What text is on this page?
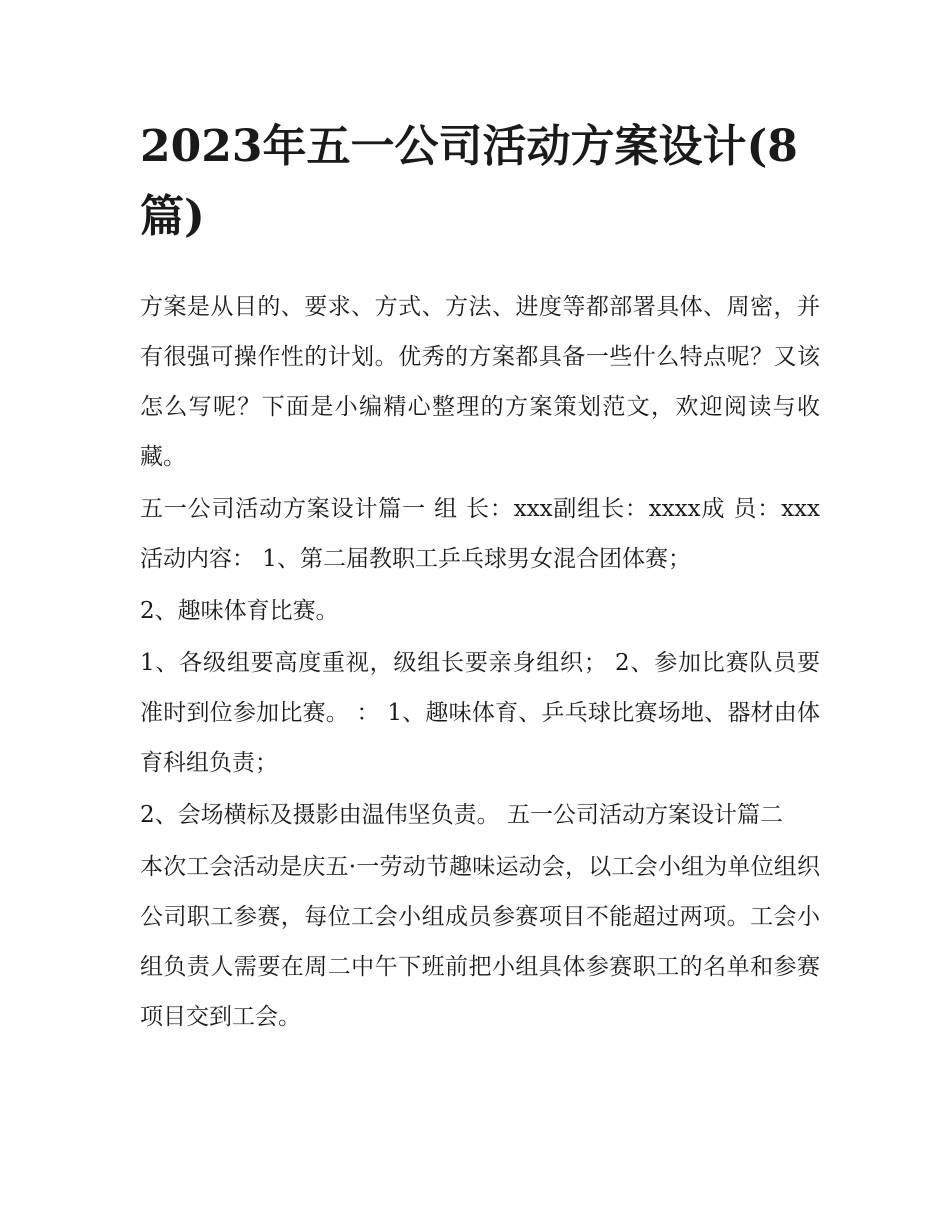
2023年五一公司活动方案设计(8篇)

方案是从目的、要求、方式、方法、进度等都部署具体、周密，并有很强可操作性的计划。优秀的方案都具备一些什么特点呢？又该怎么写呢？下面是小编精心整理的方案策划范文，欢迎阅读与收藏。

五一公司活动方案设计篇一 组 长：xxx副组长：xxxx成 员：xxx活动内容： 1、第二届教职工乒乓球男女混合团体赛；

2、趣味体育比赛。

1、各级组要高度重视，级组长要亲身组织； 2、参加比赛队员要准时到位参加比赛。 ： 1、趣味体育、乒乓球比赛场地、器材由体育科组负责；

2、会场横标及摄影由温伟坚负责。 五一公司活动方案设计篇二

本次工会活动是庆五·一劳动节趣味运动会，以工会小组为单位组织公司职工参赛，每位工会小组成员参赛项目不能超过两项。工会小组负责人需要在周二中午下班前把小组具体参赛职工的名单和参赛项目交到工会。
